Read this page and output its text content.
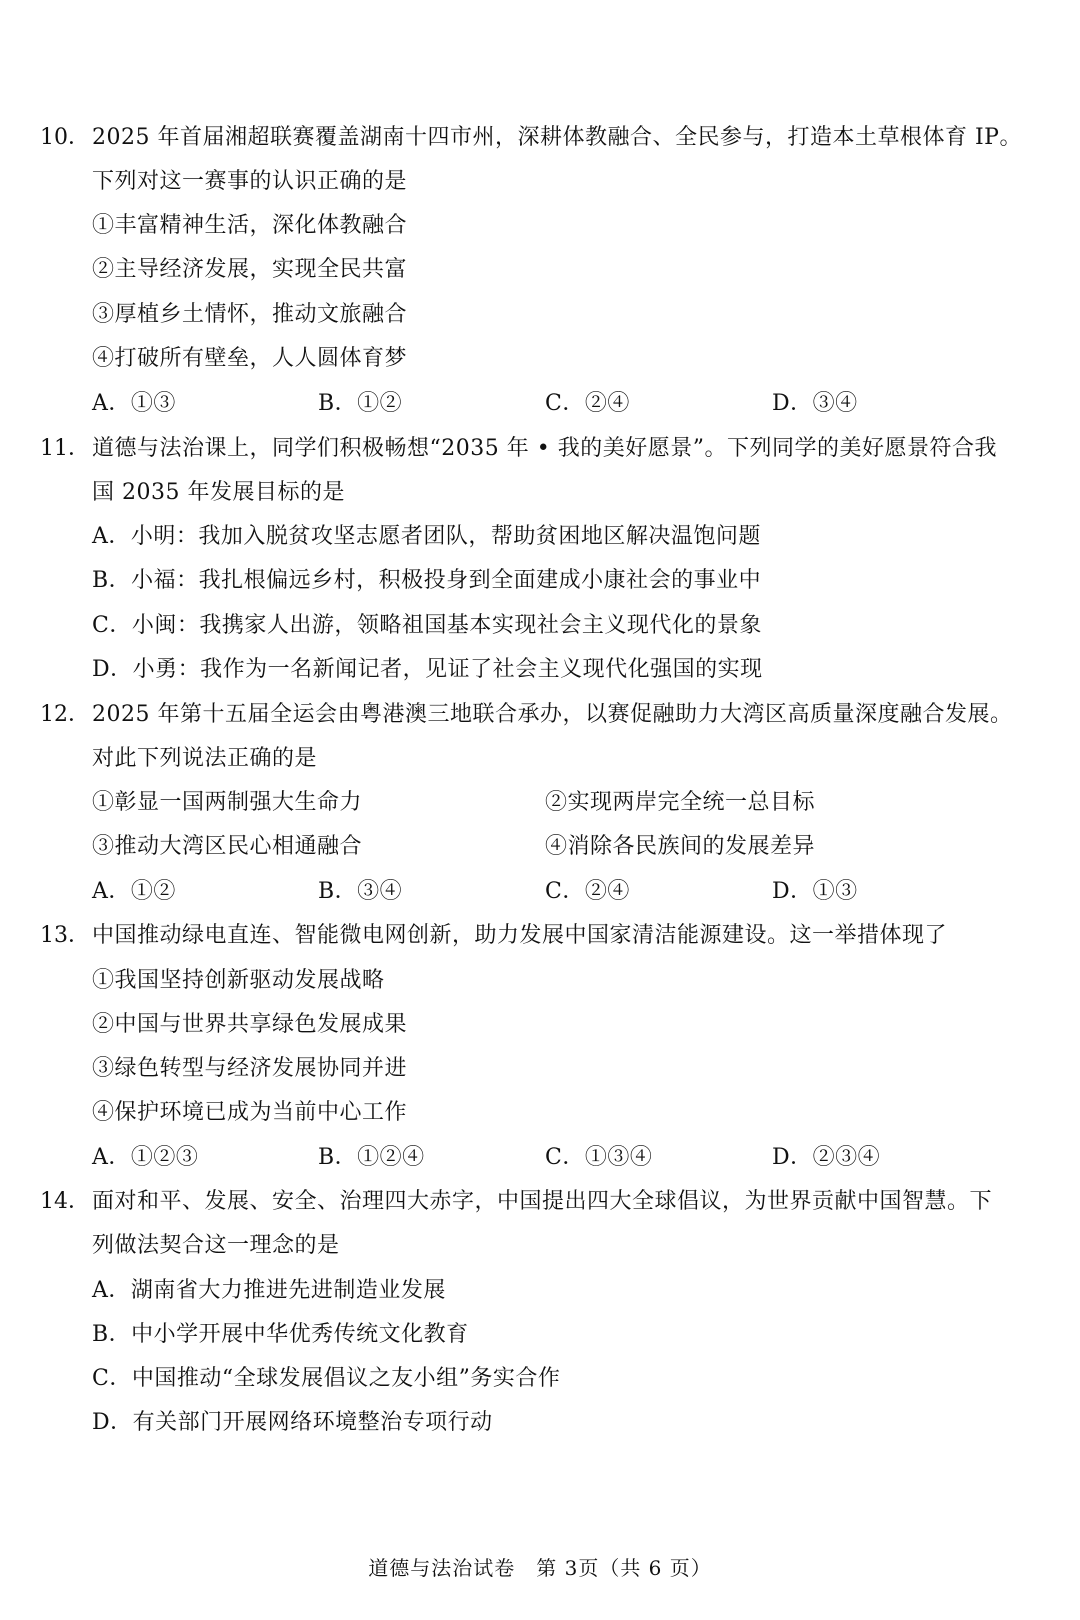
10． 2025 年首届湘超联赛覆盖湖南十四市州，深耕体教融合、全民参与，打造本土草根体育 IP。
下列对这一赛事的认识正确的是
①丰富精神生活，深化体教融合
②主导经济发展，实现全民共富
③厚植乡土情怀，推动文旅融合
④打破所有壁垒，人人圆体育梦
A．①③	B．①②	C．②④	D．③④
11． 道德与法治课上，同学们积极畅想“2035 年 • 我的美好愿景”。下列同学的美好愿景符合我
国 2035 年发展目标的是
A．小明：我加入脱贫攻坚志愿者团队，帮助贫困地区解决温饱问题
B．小福：我扎根偏远乡村，积极投身到全面建成小康社会的事业中
C．小闽：我携家人出游，领略祖国基本实现社会主义现代化的景象
D．小勇：我作为一名新闻记者，见证了社会主义现代化强国的实现
12． 2025 年第十五届全运会由粤港澳三地联合承办，以赛促融助力大湾区高质量深度融合发展。
对此下列说法正确的是
①彰显一国两制强大生命力	②实现两岸完全统一总目标
③推动大湾区民心相通融合	④消除各民族间的发展差异
A．①②	B．③④	C．②④	D．①③
13． 中国推动绿电直连、智能微电网创新，助力发展中国家清洁能源建设。这一举措体现了
①我国坚持创新驱动发展战略
②中国与世界共享绿色发展成果
③绿色转型与经济发展协同并进
④保护环境已成为当前中心工作
A．①②③	B．①②④	C．①③④	D．②③④
14． 面对和平、发展、安全、治理四大赤字，中国提出四大全球倡议，为世界贡献中国智慧。下
列做法契合这一理念的是
A．湖南省大力推进先进制造业发展
B．中小学开展中华优秀传统文化教育
C．中国推动“全球发展倡议之友小组”务实合作
D．有关部门开展网络环境整治专项行动
道德与法治试卷　第 3页（共 6 页）
